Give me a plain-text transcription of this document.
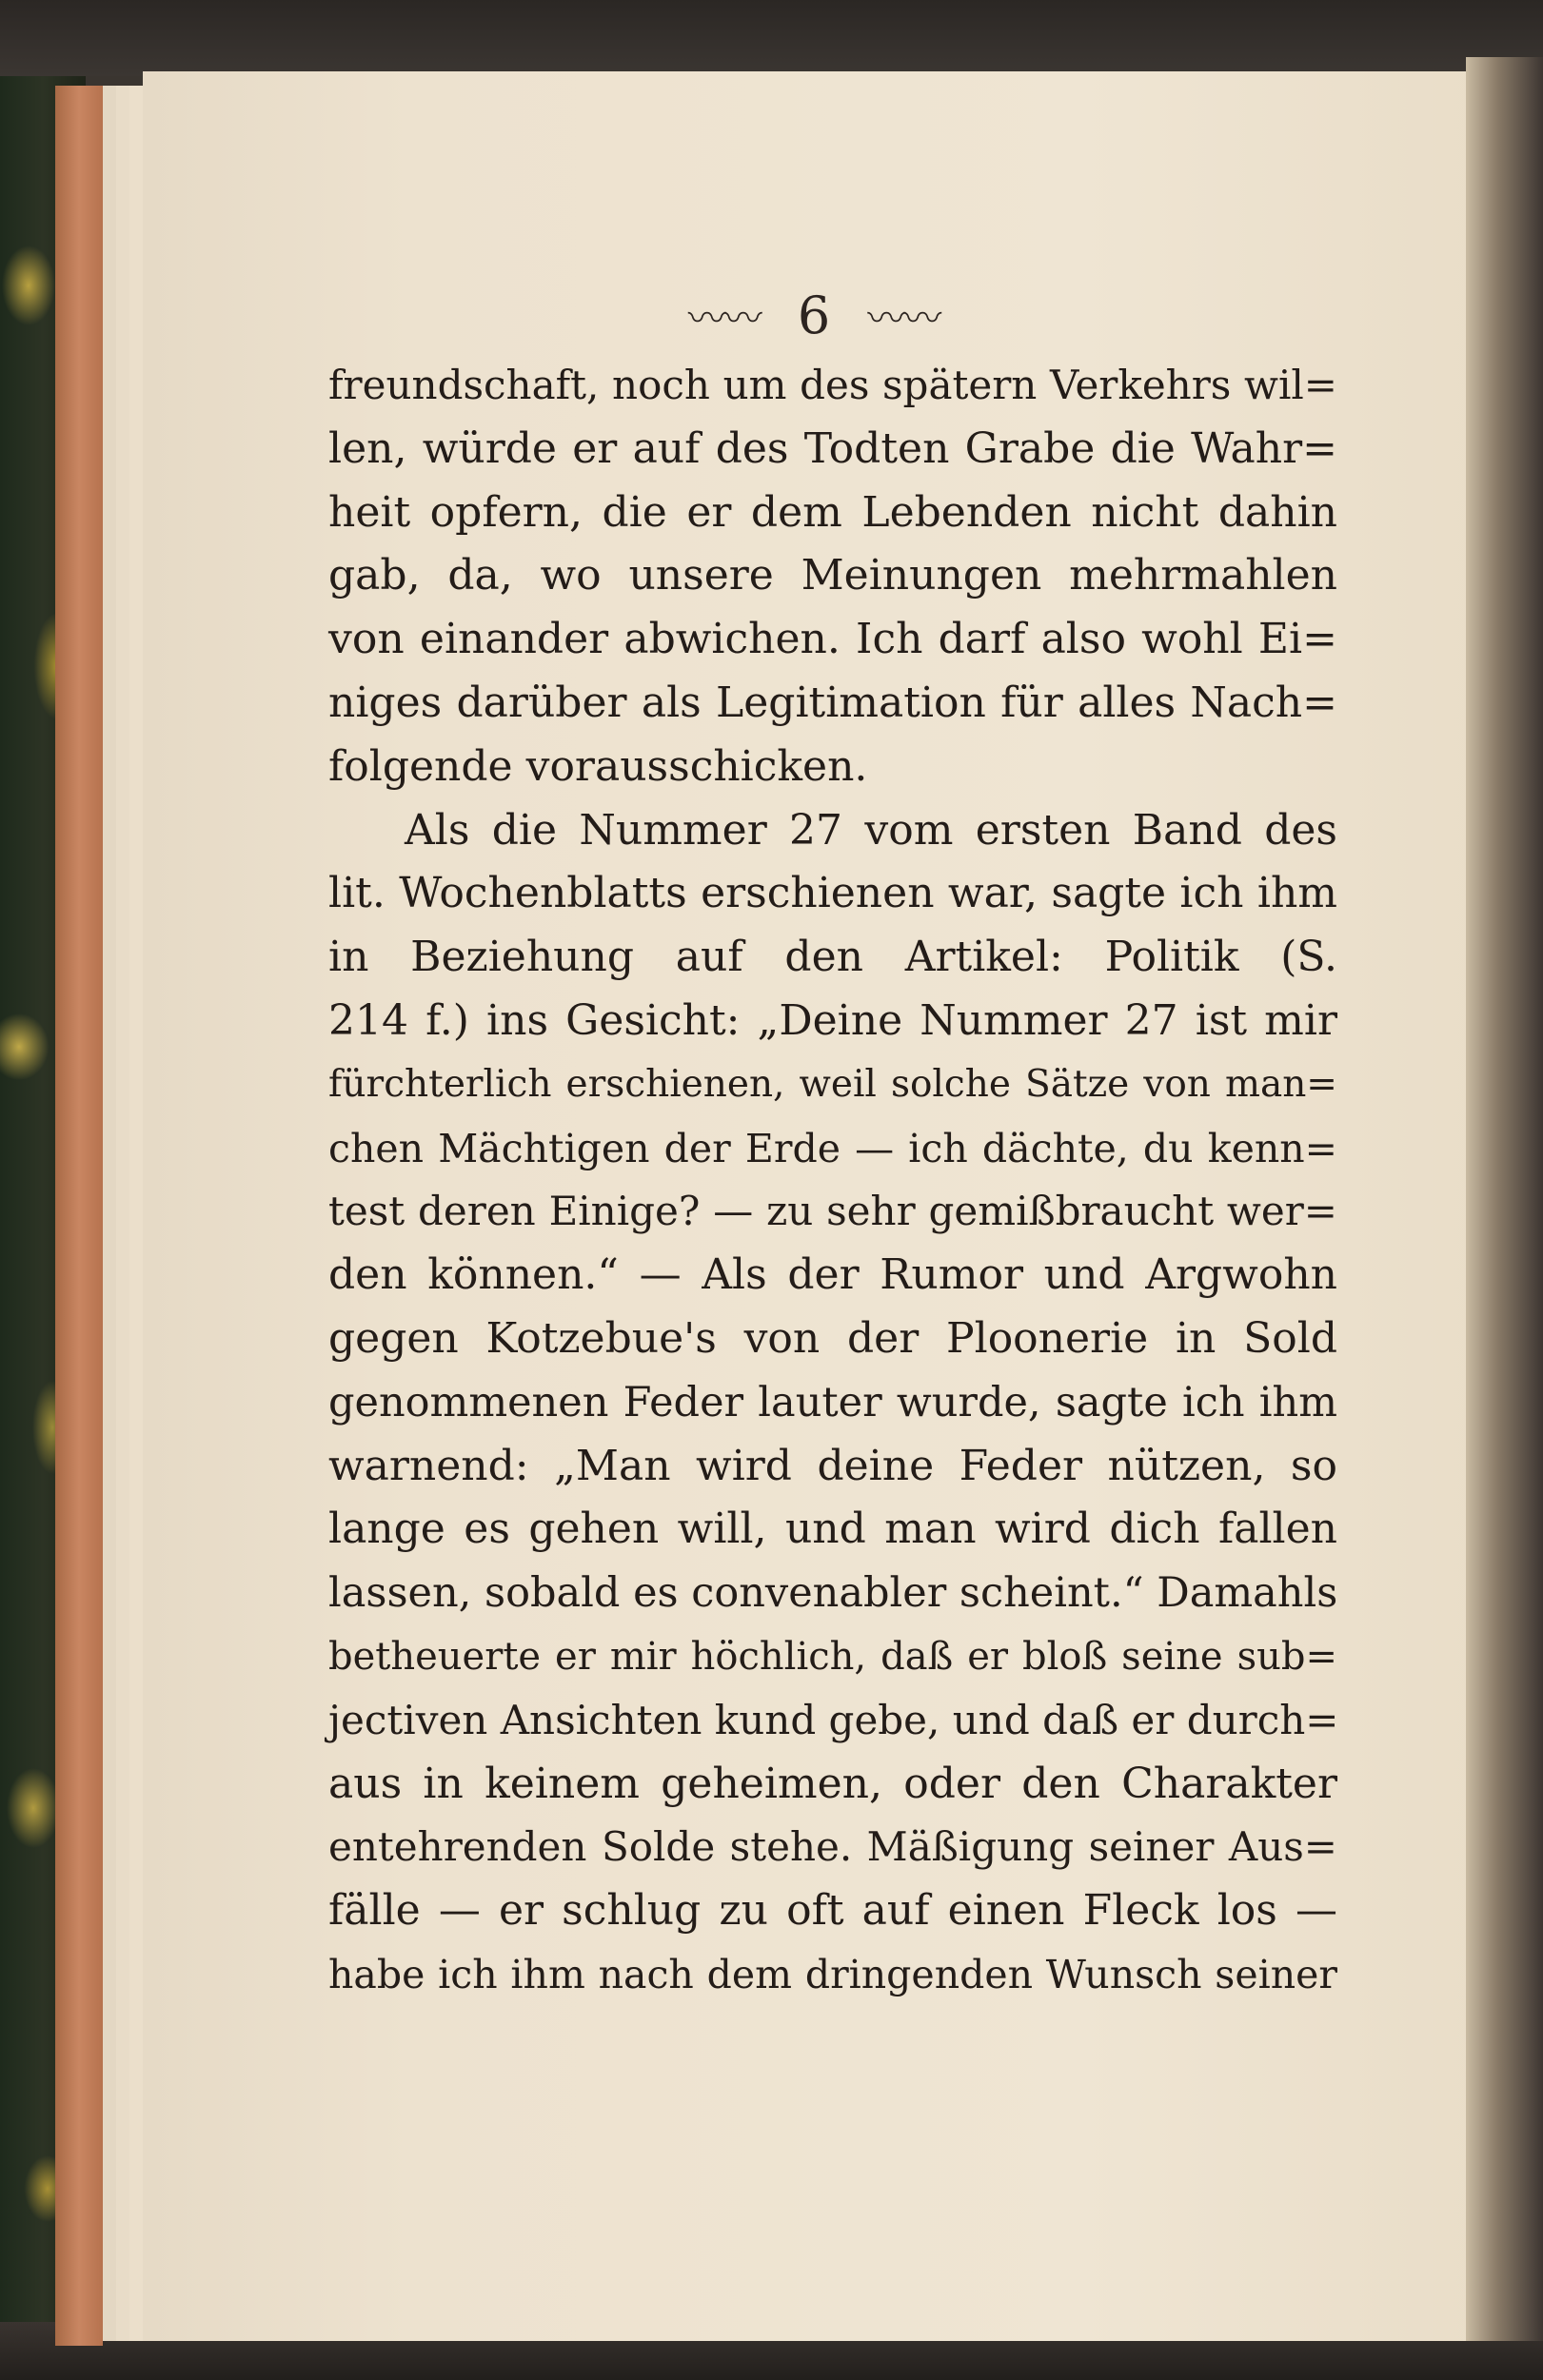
〰〰 6 〰〰
freundschaft, noch um des spätern Verkehrs wil=
len, würde er auf des Todten Grabe die Wahr=
heit opfern, die er dem Lebenden nicht dahin
gab, da, wo unsere Meinungen mehrmahlen
von einander abwichen. Ich darf also wohl Ei=
niges darüber als Legitimation für alles Nach=
folgende vorausschicken.
Als die Nummer 27 vom ersten Band des
lit. Wochenblatts erschienen war, sagte ich ihm
in Beziehung auf den Artikel: Politik (S.
214 f.) ins Gesicht: „Deine Nummer 27 ist mir
fürchterlich erschienen, weil solche Sätze von man=
chen Mächtigen der Erde — ich dächte, du kenn=
test deren Einige? — zu sehr gemißbraucht wer=
den können.“ — Als der Rumor und Argwohn
gegen Kotzebue's von der Ploonerie in Sold
genommenen Feder lauter wurde, sagte ich ihm
warnend: „Man wird deine Feder nützen, so
lange es gehen will, und man wird dich fallen
lassen, sobald es convenabler scheint.“ Damahls
betheuerte er mir höchlich, daß er bloß seine sub=
jectiven Ansichten kund gebe, und daß er durch=
aus in keinem geheimen, oder den Charakter
entehrenden Solde stehe. Mäßigung seiner Aus=
fälle — er schlug zu oft auf einen Fleck los —
habe ich ihm nach dem dringenden Wunsch seiner
